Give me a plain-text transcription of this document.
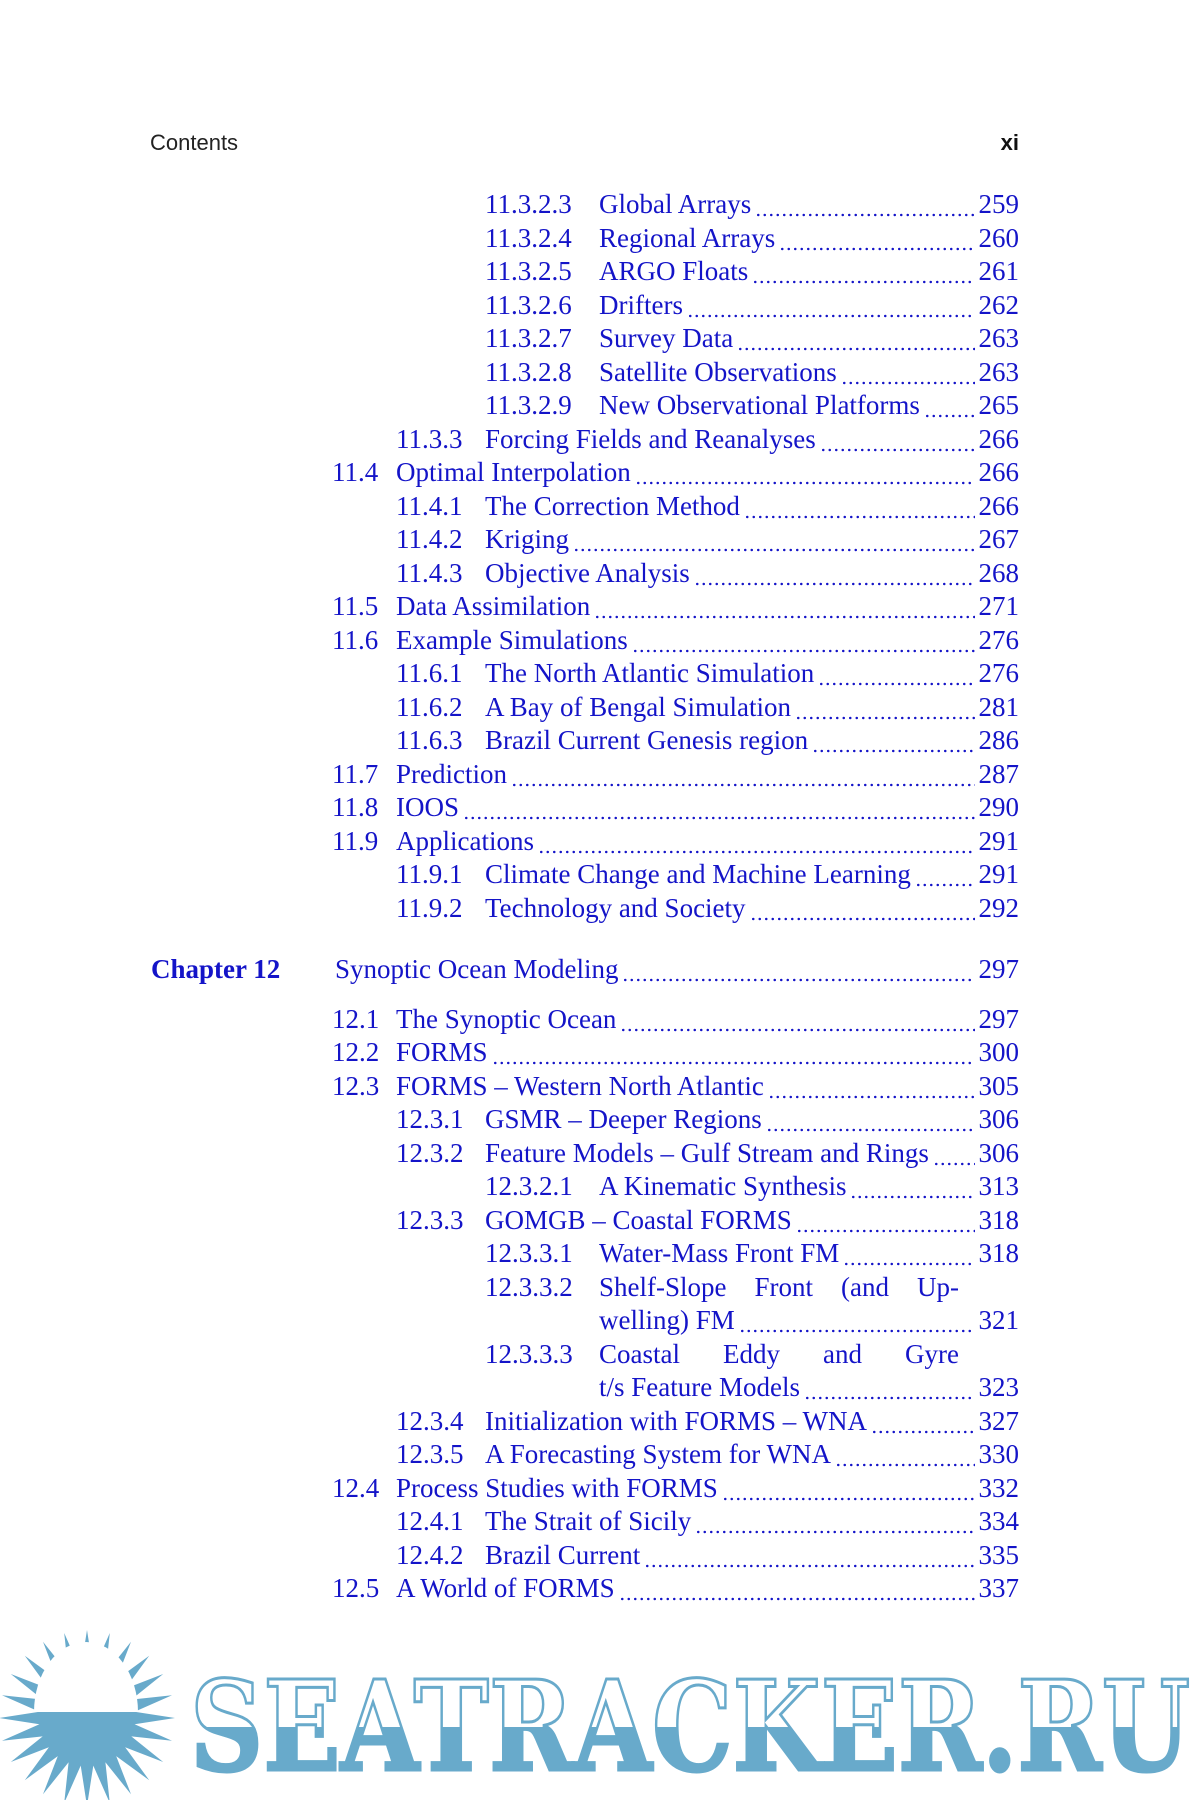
Contents	xi
11.3.2.3 Global Arrays	259
11.3.2.4 Regional Arrays	260
11.3.2.5 ARGO Floats	261
11.3.2.6 Drifters	262
11.3.2.7 Survey Data	263
11.3.2.8 Satellite Observations	263
11.3.2.9 New Observational Platforms 265
11.3.3 Forcing Fields and Reanalyses	266
11.4 Optimal Interpolation	266
11.4.1 The Correction Method	266
11.4.2 Kriging	267
11.4.3 Objective Analysis	268
11.5 Data Assimilation	271
11.6 Example Simulations	276
11.6.1 The North Atlantic Simulation	276
11.6.2 A Bay of Bengal Simulation	281
11.6.3 Brazil Current Genesis region	286
11.7 Prediction	287
11.8 IOOS	290
11.9 Applications	291
11.9.1 Climate Change and Machine Learning	291
11.9.2 Technology and Society	292
Chapter 12 Synoptic Ocean Modeling	297
12.1 The Synoptic Ocean	297
12.2 FORMS	300
12.3 FORMS – Western North Atlantic	305
12.3.1 GSMR – Deeper Regions	306
12.3.2 Feature Models – Gulf Stream and Rings 306
12.3.2.1 A Kinematic Synthesis	313
12.3.3 GOMGB – Coastal FORMS	318
12.3.3.1 Water-Mass Front FM	318
12.3.3.2 Shelf-Slope Front (and Up-
welling) FM	321
12.3.3.3 Coastal Eddy and Gyre
t/s Feature Models	323
12.3.4 Initialization with FORMS – WNA	327
12.3.5 A Forecasting System for WNA	330
12.4 Process Studies with FORMS	332
12.4.1 The Strait of Sicily	334
12.4.2 Brazil Current	335
12.5 A World of FORMS	337
SEATRACKER.RU
